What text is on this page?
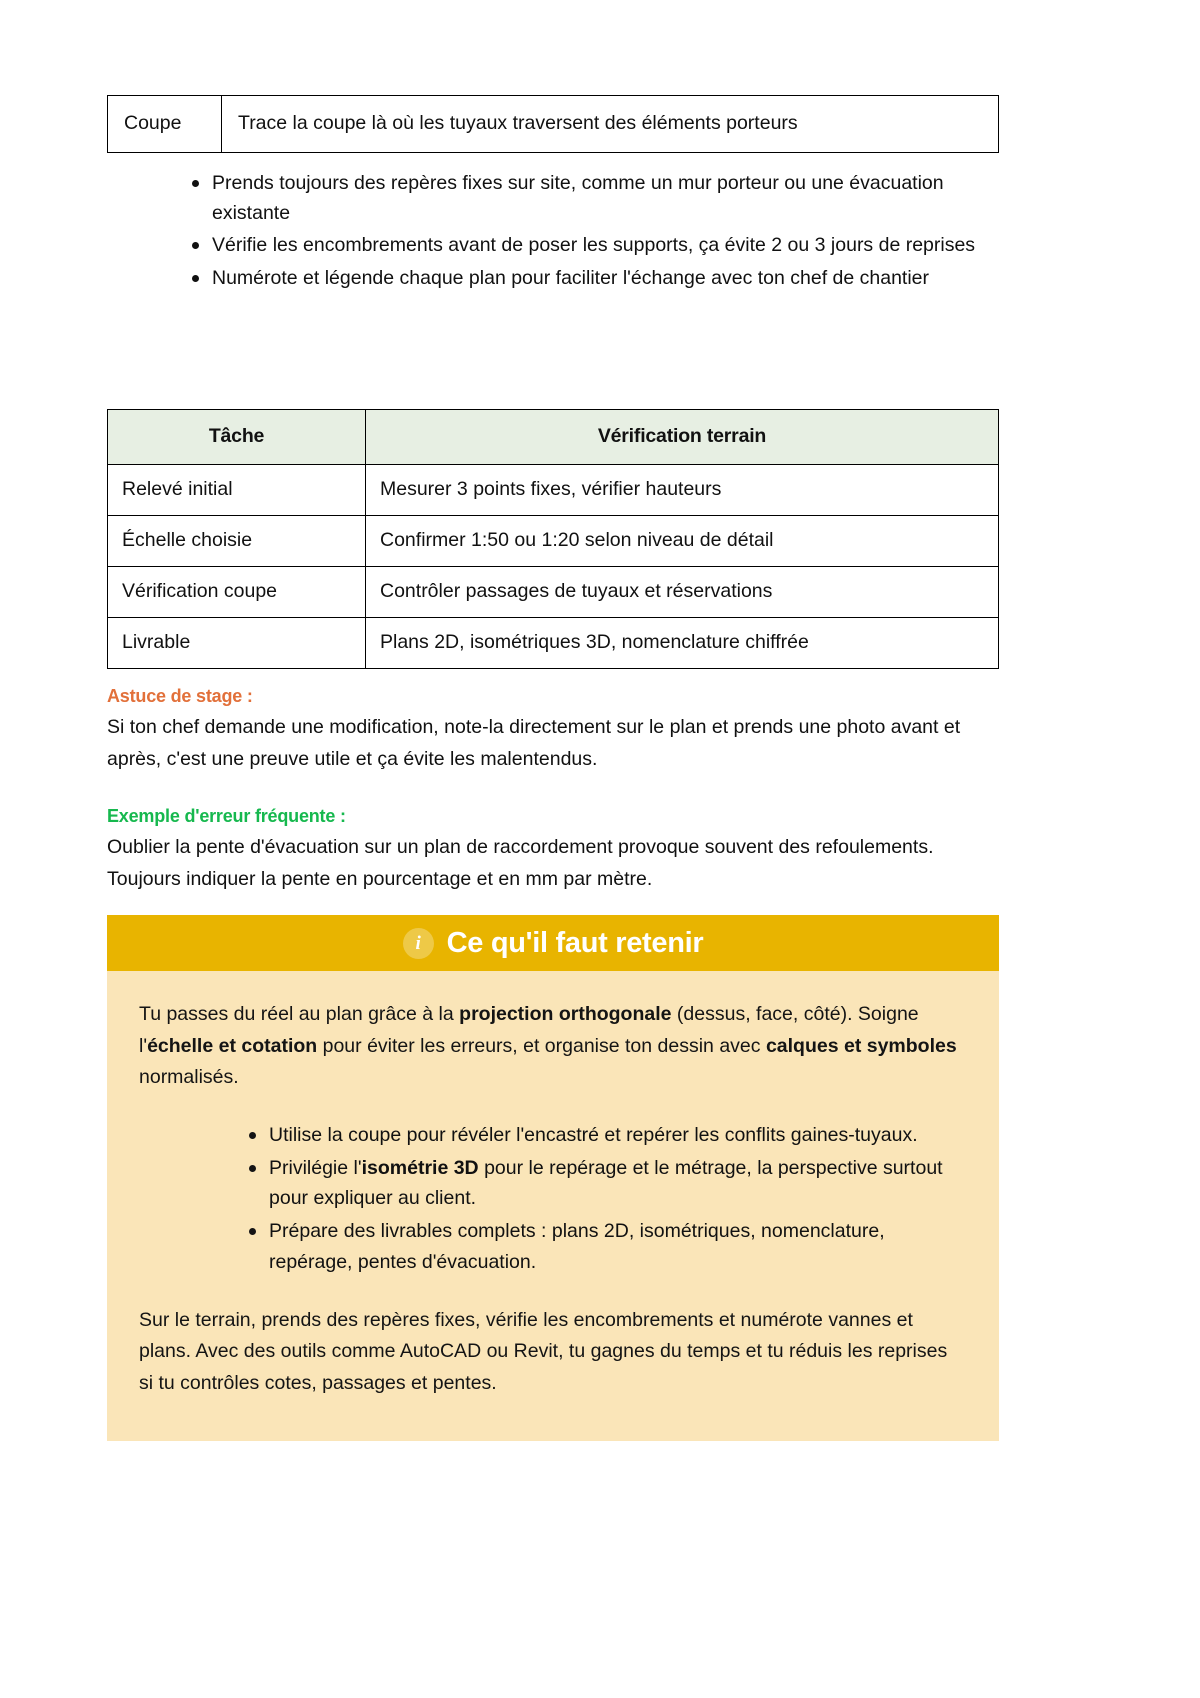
Coupe	Trace la coupe là où les tuyaux traversent des éléments porteurs
Prends toujours des repères fixes sur site, comme un mur porteur ou une évacuation existante
Vérifie les encombrements avant de poser les supports, ça évite 2 ou 3 jours de reprises
Numérote et légende chaque plan pour faciliter l'échange avec ton chef de chantier
Tâche	Vérification terrain
Relevé initial	Mesurer 3 points fixes, vérifier hauteurs
Échelle choisie	Confirmer 1:50 ou 1:20 selon niveau de détail
Vérification coupe	Contrôler passages de tuyaux et réservations
Livrable	Plans 2D, isométriques 3D, nomenclature chiffrée
Astuce de stage :
Si ton chef demande une modification, note-la directement sur le plan et prends une photo avant et après, c'est une preuve utile et ça évite les malentendus.
Exemple d'erreur fréquente :
Oublier la pente d'évacuation sur un plan de raccordement provoque souvent des refoulements. Toujours indiquer la pente en pourcentage et en mm par mètre.
i Ce qu'il faut retenir

Tu passes du réel au plan grâce à la projection orthogonale (dessus, face, côté). Soigne l'échelle et cotation pour éviter les erreurs, et organise ton dessin avec calques et symboles normalisés.

Utilise la coupe pour révéler l'encastré et repérer les conflits gaines-tuyaux.
Privilégie l'isométrie 3D pour le repérage et le métrage, la perspective surtout pour expliquer au client.
Prépare des livrables complets : plans 2D, isométriques, nomenclature, repérage, pentes d'évacuation.

Sur le terrain, prends des repères fixes, vérifie les encombrements et numérote vannes et plans. Avec des outils comme AutoCAD ou Revit, tu gagnes du temps et tu réduis les reprises si tu contrôles cotes, passages et pentes.
